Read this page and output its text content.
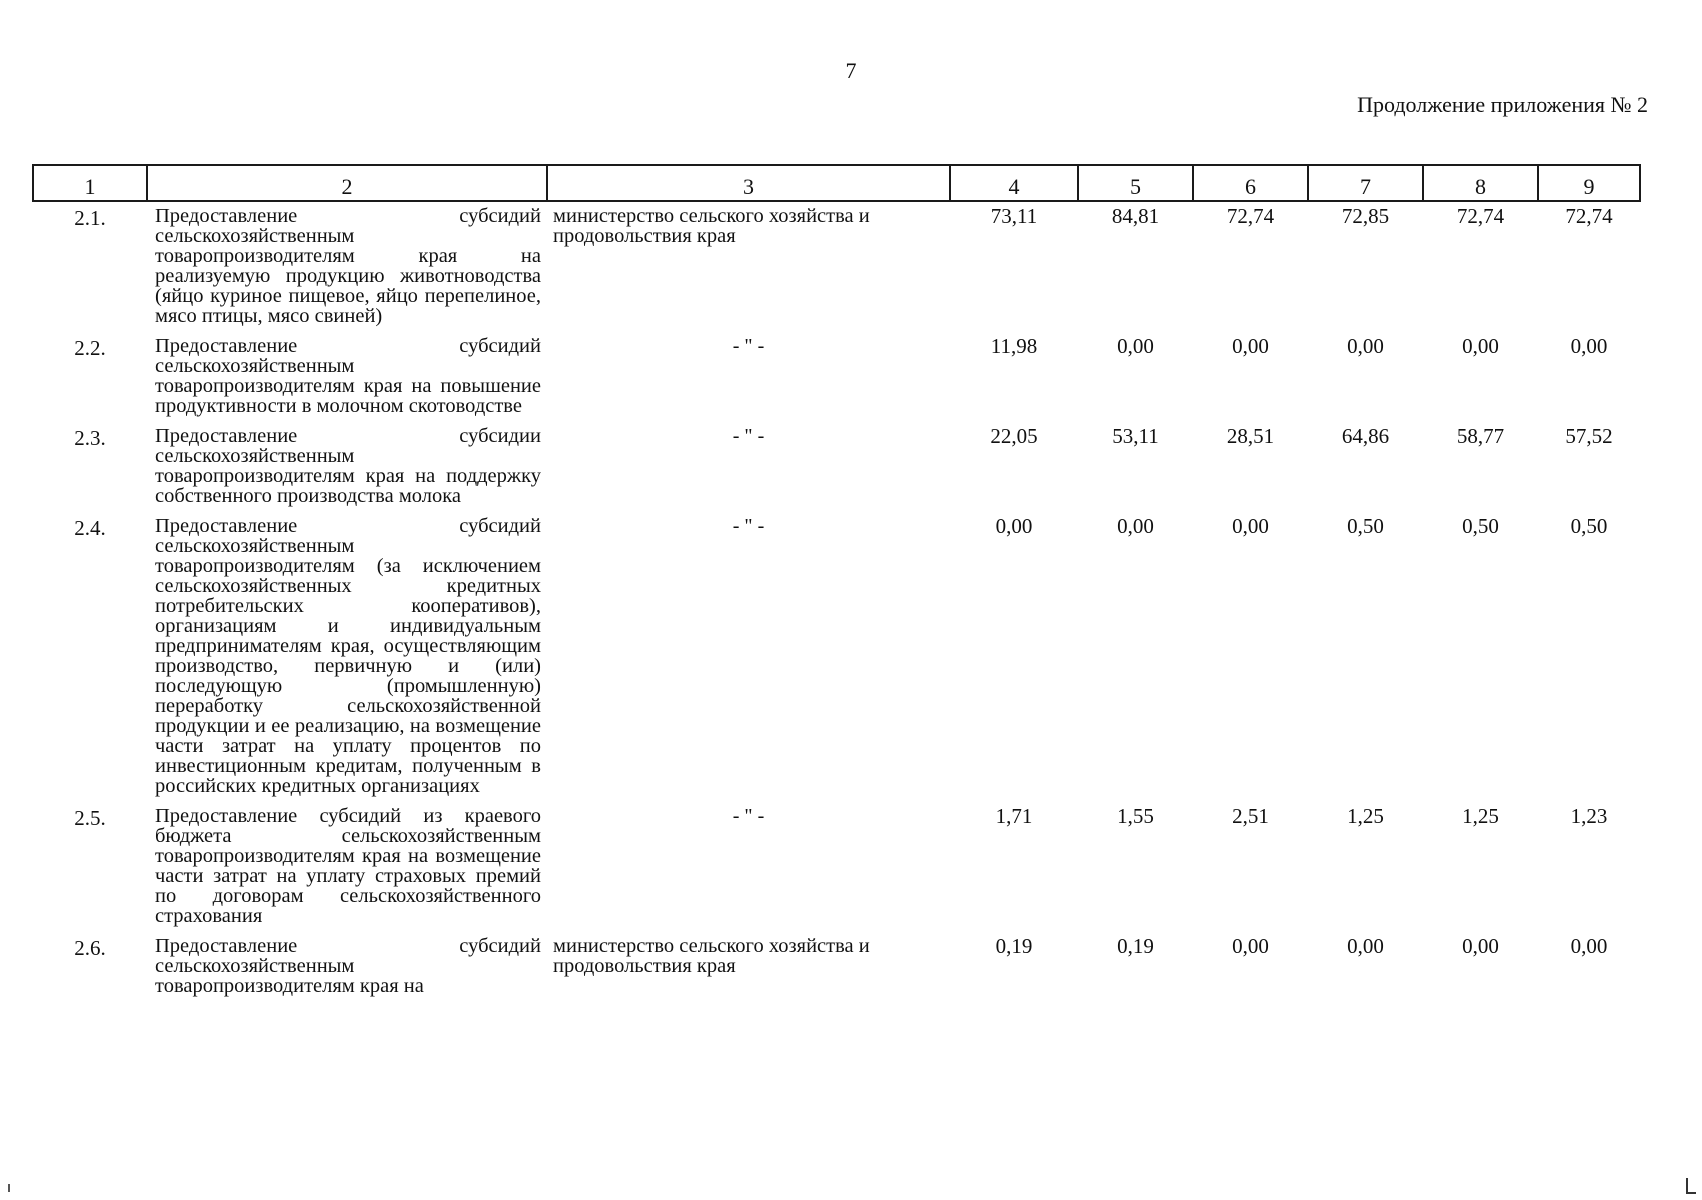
7
Продолжение приложения № 2
1	2	3	4	5	6	7	8	9
2.1.	Предоставление субсидий сельскохозяйственным товаропроизводителям края на реализуемую продукцию животноводства (яйцо куриное пищевое, яйцо перепелиное, мясо птицы, мясо свиней)	министерство сельского хозяйства и продовольствия края	73,11	84,81	72,74	72,85	72,74	72,74
2.2.	Предоставление субсидий сельскохозяйственным товаропроизводителям края на повышение продуктивности в молочном скотоводстве	- " -	11,98	0,00	0,00	0,00	0,00	0,00
2.3.	Предоставление субсидии сельскохозяйственным товаропроизводителям края на поддержку собственного производства молока	- " -	22,05	53,11	28,51	64,86	58,77	57,52
2.4.	Предоставление субсидий сельскохозяйственным товаропроизводителям (за исключением сельскохозяйственных кредитных потребительских кооперативов), организациям и индивидуальным предпринимателям края, осуществляющим производство, первичную и (или) последующую (промышленную) переработку сельскохозяйственной продукции и ее реализацию, на возмещение части затрат на уплату процентов по инвестиционным кредитам, полученным в российских кредитных организациях	- " -	0,00	0,00	0,00	0,50	0,50	0,50
2.5.	Предоставление субсидий из краевого бюджета сельскохозяйственным товаропроизводителям края на возмещение части затрат на уплату страховых премий по договорам сельскохозяйственного страхования	- " -	1,71	1,55	2,51	1,25	1,25	1,23
2.6.	Предоставление субсидий сельскохозяйственным товаропроизводителям края на	министерство сельского хозяйства и продовольствия края	0,19	0,19	0,00	0,00	0,00	0,00
